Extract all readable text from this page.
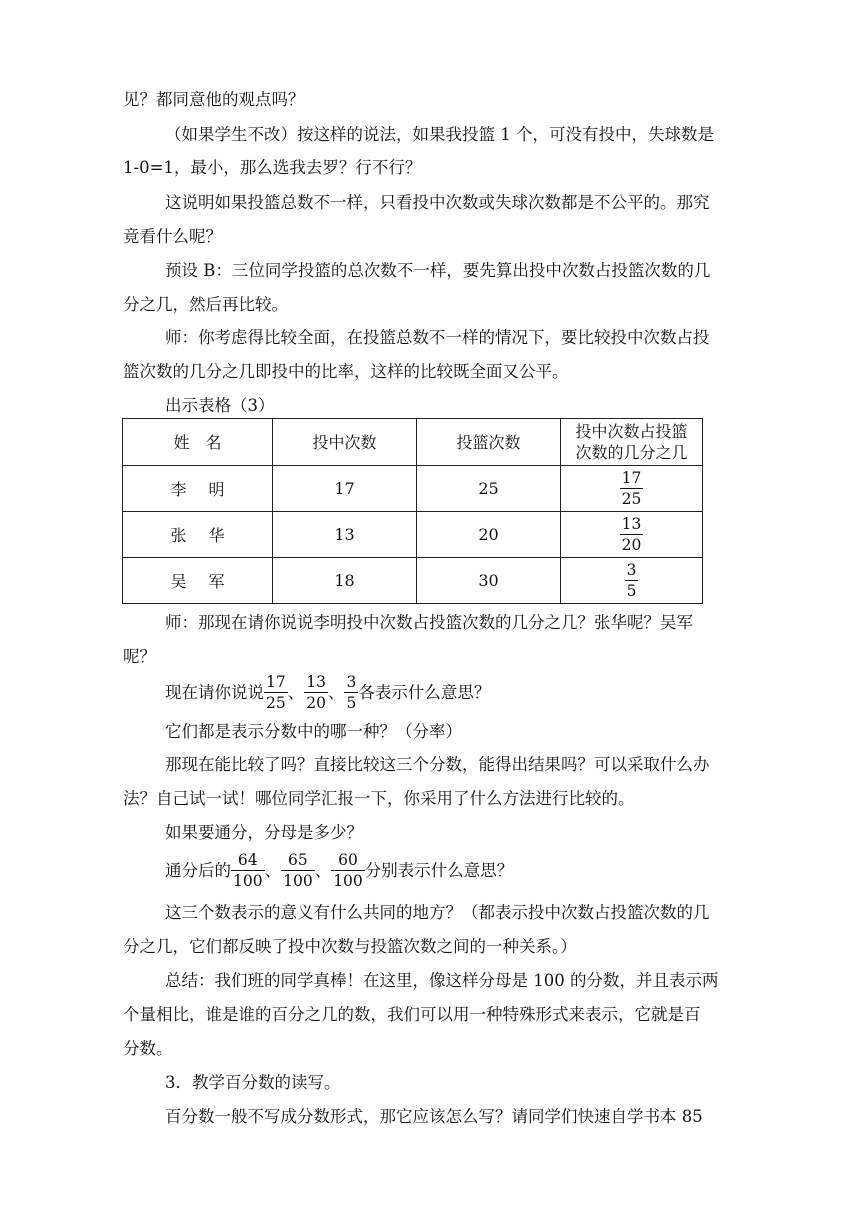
见？都同意他的观点吗？
（如果学生不改）按这样的说法，如果我投篮 1 个，可没有投中，失球数是
1-0=1，最小，那么选我去罗？行不行？
这说明如果投篮总数不一样，只看投中次数或失球次数都是不公平的。那究
竟看什么呢？
预设 B：三位同学投篮的总次数不一样，要先算出投中次数占投篮次数的几
分之几，然后再比较。
师：你考虑得比较全面，在投篮总数不一样的情况下，要比较投中次数占投
篮次数的几分之几即投中的比率，这样的比较既全面又公平。
出示表格（3）
姓　名	投中次数	投篮次数	投中次数占投篮
次数的几分之几

李 明	17	25	$\frac{17}{25}$

张 华	13	20	$\frac{13}{20}$

吴 军	18	30	$\frac{3}{5}$
师：那现在请你说说李明投中次数占投篮次数的几分之几？张华呢？吴军
呢？
现在请你说说 $\frac{17}{25}$ 、 $\frac{13}{20}$ 、 $\frac{3}{5}$ 各表示什么意思？
它们都是表示分数中的哪一种？（分率）
那现在能比较了吗？直接比较这三个分数，能得出结果吗？可以采取什么办
法？自己试一试！哪位同学汇报一下，你采用了什么方法进行比较的。
如果要通分，分母是多少？
通分后的 $\frac{64}{100}$ 、 $\frac{65}{100}$ 、 $\frac{60}{100}$ 分别表示什么意思？
这三个数表示的意义有什么共同的地方？（都表示投中次数占投篮次数的几
分之几，它们都反映了投中次数与投篮次数之间的一种关系。）
总结：我们班的同学真棒！在这里，像这样分母是 100 的分数，并且表示两
个量相比，谁是谁的百分之几的数，我们可以用一种特殊形式来表示，它就是百
分数。
3．教学百分数的读写。
百分数一般不写成分数形式，那它应该怎么写？请同学们快速自学书本 85
